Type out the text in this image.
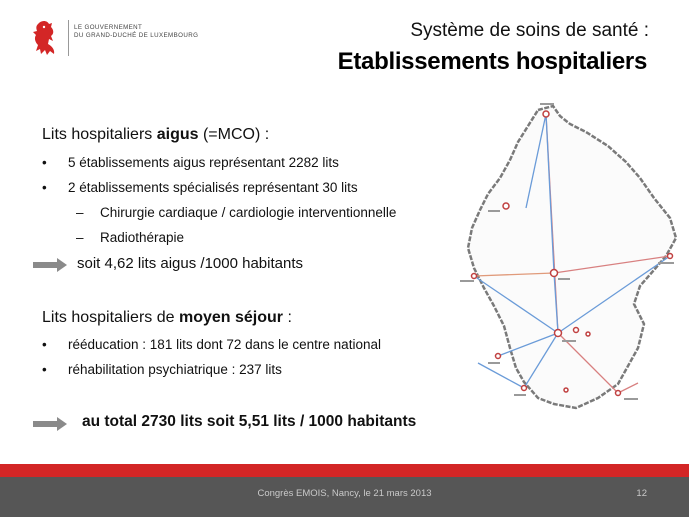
LE GOUVERNEMENT
DU GRAND-DUCHÉ DE LUXEMBOURG	Système de soins de santé :
Etablissements hospitaliers
Lits hospitaliers aigus (=MCO) :
• 5 établissements aigus représentant 2282 lits
• 2 établissements spécialisés représentant 30 lits
– Chirurgie cardiaque / cardiologie interventionnelle
– Radiothérapie
soit 4,62 lits aigus /1000 habitants
Lits hospitaliers de moyen séjour :
• rééducation : 181 lits dont 72 dans le centre national
• réhabilitation psychiatrique : 237 lits
au total 2730 lits soit 5,51 lits / 1000 habitants
Congrès EMOIS, Nancy, le 21 mars 2013	12
